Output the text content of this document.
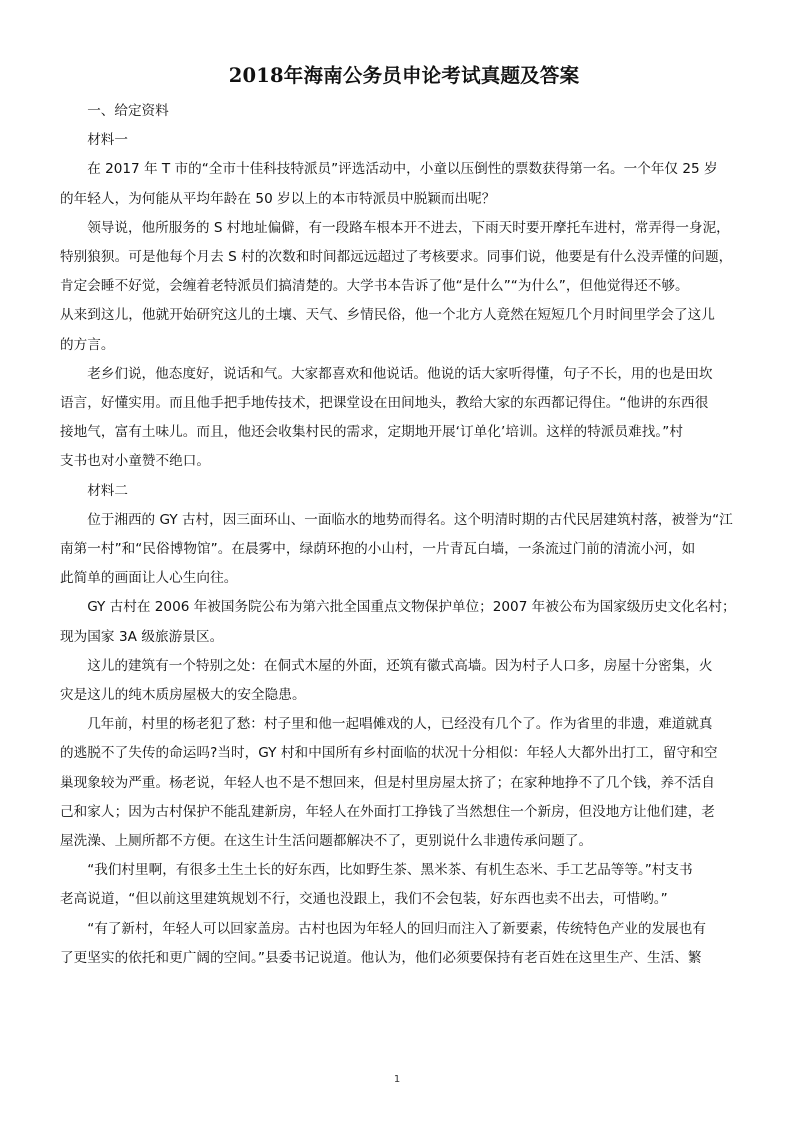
2018年海南公务员申论考试真题及答案

一、给定资料

材料一

在 2017 年 T 市的“全市十佳科技特派员”评选活动中，小童以压倒性的票数获得第一名。一个年仅 25 岁

的年轻人，为何能从平均年龄在 50 岁以上的本市特派员中脱颖而出呢？

领导说，他所服务的 S 村地址偏僻，有一段路车根本开不进去，下雨天时要开摩托车进村，常弄得一身泥，

特别狼狈。可是他每个月去 S 村的次数和时间都远远超过了考核要求。同事们说，他要是有什么没弄懂的问题，

肯定会睡不好觉，会缠着老特派员们搞清楚的。大学书本告诉了他“是什么”“为什么”，但他觉得还不够。

从来到这儿，他就开始研究这儿的土壤、天气、乡情民俗，他一个北方人竟然在短短几个月时间里学会了这儿

的方言。

老乡们说，他态度好，说话和气。大家都喜欢和他说话。他说的话大家听得懂，句子不长，用的也是田坎

语言，好懂实用。而且他手把手地传技术，把课堂设在田间地头，教给大家的东西都记得住。“他讲的东西很

接地气，富有土味儿。而且，他还会收集村民的需求，定期地开展‘订单化’培训。这样的特派员难找。”村

支书也对小童赞不绝口。

材料二

位于湘西的 GY 古村，因三面环山、一面临水的地势而得名。这个明清时期的古代民居建筑村落，被誉为“江

南第一村”和“民俗博物馆”。在晨雾中，绿荫环抱的小山村，一片青瓦白墙，一条流过门前的清流小河，如

此简单的画面让人心生向往。

GY 古村在 2006 年被国务院公布为第六批全国重点文物保护单位；2007 年被公布为国家级历史文化名村；

现为国家 3A 级旅游景区。

这儿的建筑有一个特别之处：在侗式木屋的外面，还筑有徽式高墙。因为村子人口多，房屋十分密集，火

灾是这儿的纯木质房屋极大的安全隐患。

几年前，村里的杨老犯了愁：村子里和他一起唱傩戏的人，已经没有几个了。作为省里的非遗，难道就真

的逃脱不了失传的命运吗?当时，GY 村和中国所有乡村面临的状况十分相似：年轻人大都外出打工，留守和空

巢现象较为严重。杨老说，年轻人也不是不想回来，但是村里房屋太挤了；在家种地挣不了几个钱，养不活自

己和家人；因为古村保护不能乱建新房，年轻人在外面打工挣钱了当然想住一个新房，但没地方让他们建，老

屋洗澡、上厕所都不方便。在这生计生活问题都解决不了，更别说什么非遗传承问题了。

“我们村里啊，有很多土生土长的好东西，比如野生茶、黑米茶、有机生态米、手工艺品等等。”村支书

老高说道，“但以前这里建筑规划不行，交通也没跟上，我们不会包装，好东西也卖不出去，可惜哟。”

“有了新村，年轻人可以回家盖房。古村也因为年轻人的回归而注入了新要素，传统特色产业的发展也有

了更坚实的依托和更广阔的空间。”县委书记说道。他认为，他们必须要保持有老百姓在这里生产、生活、繁

1
